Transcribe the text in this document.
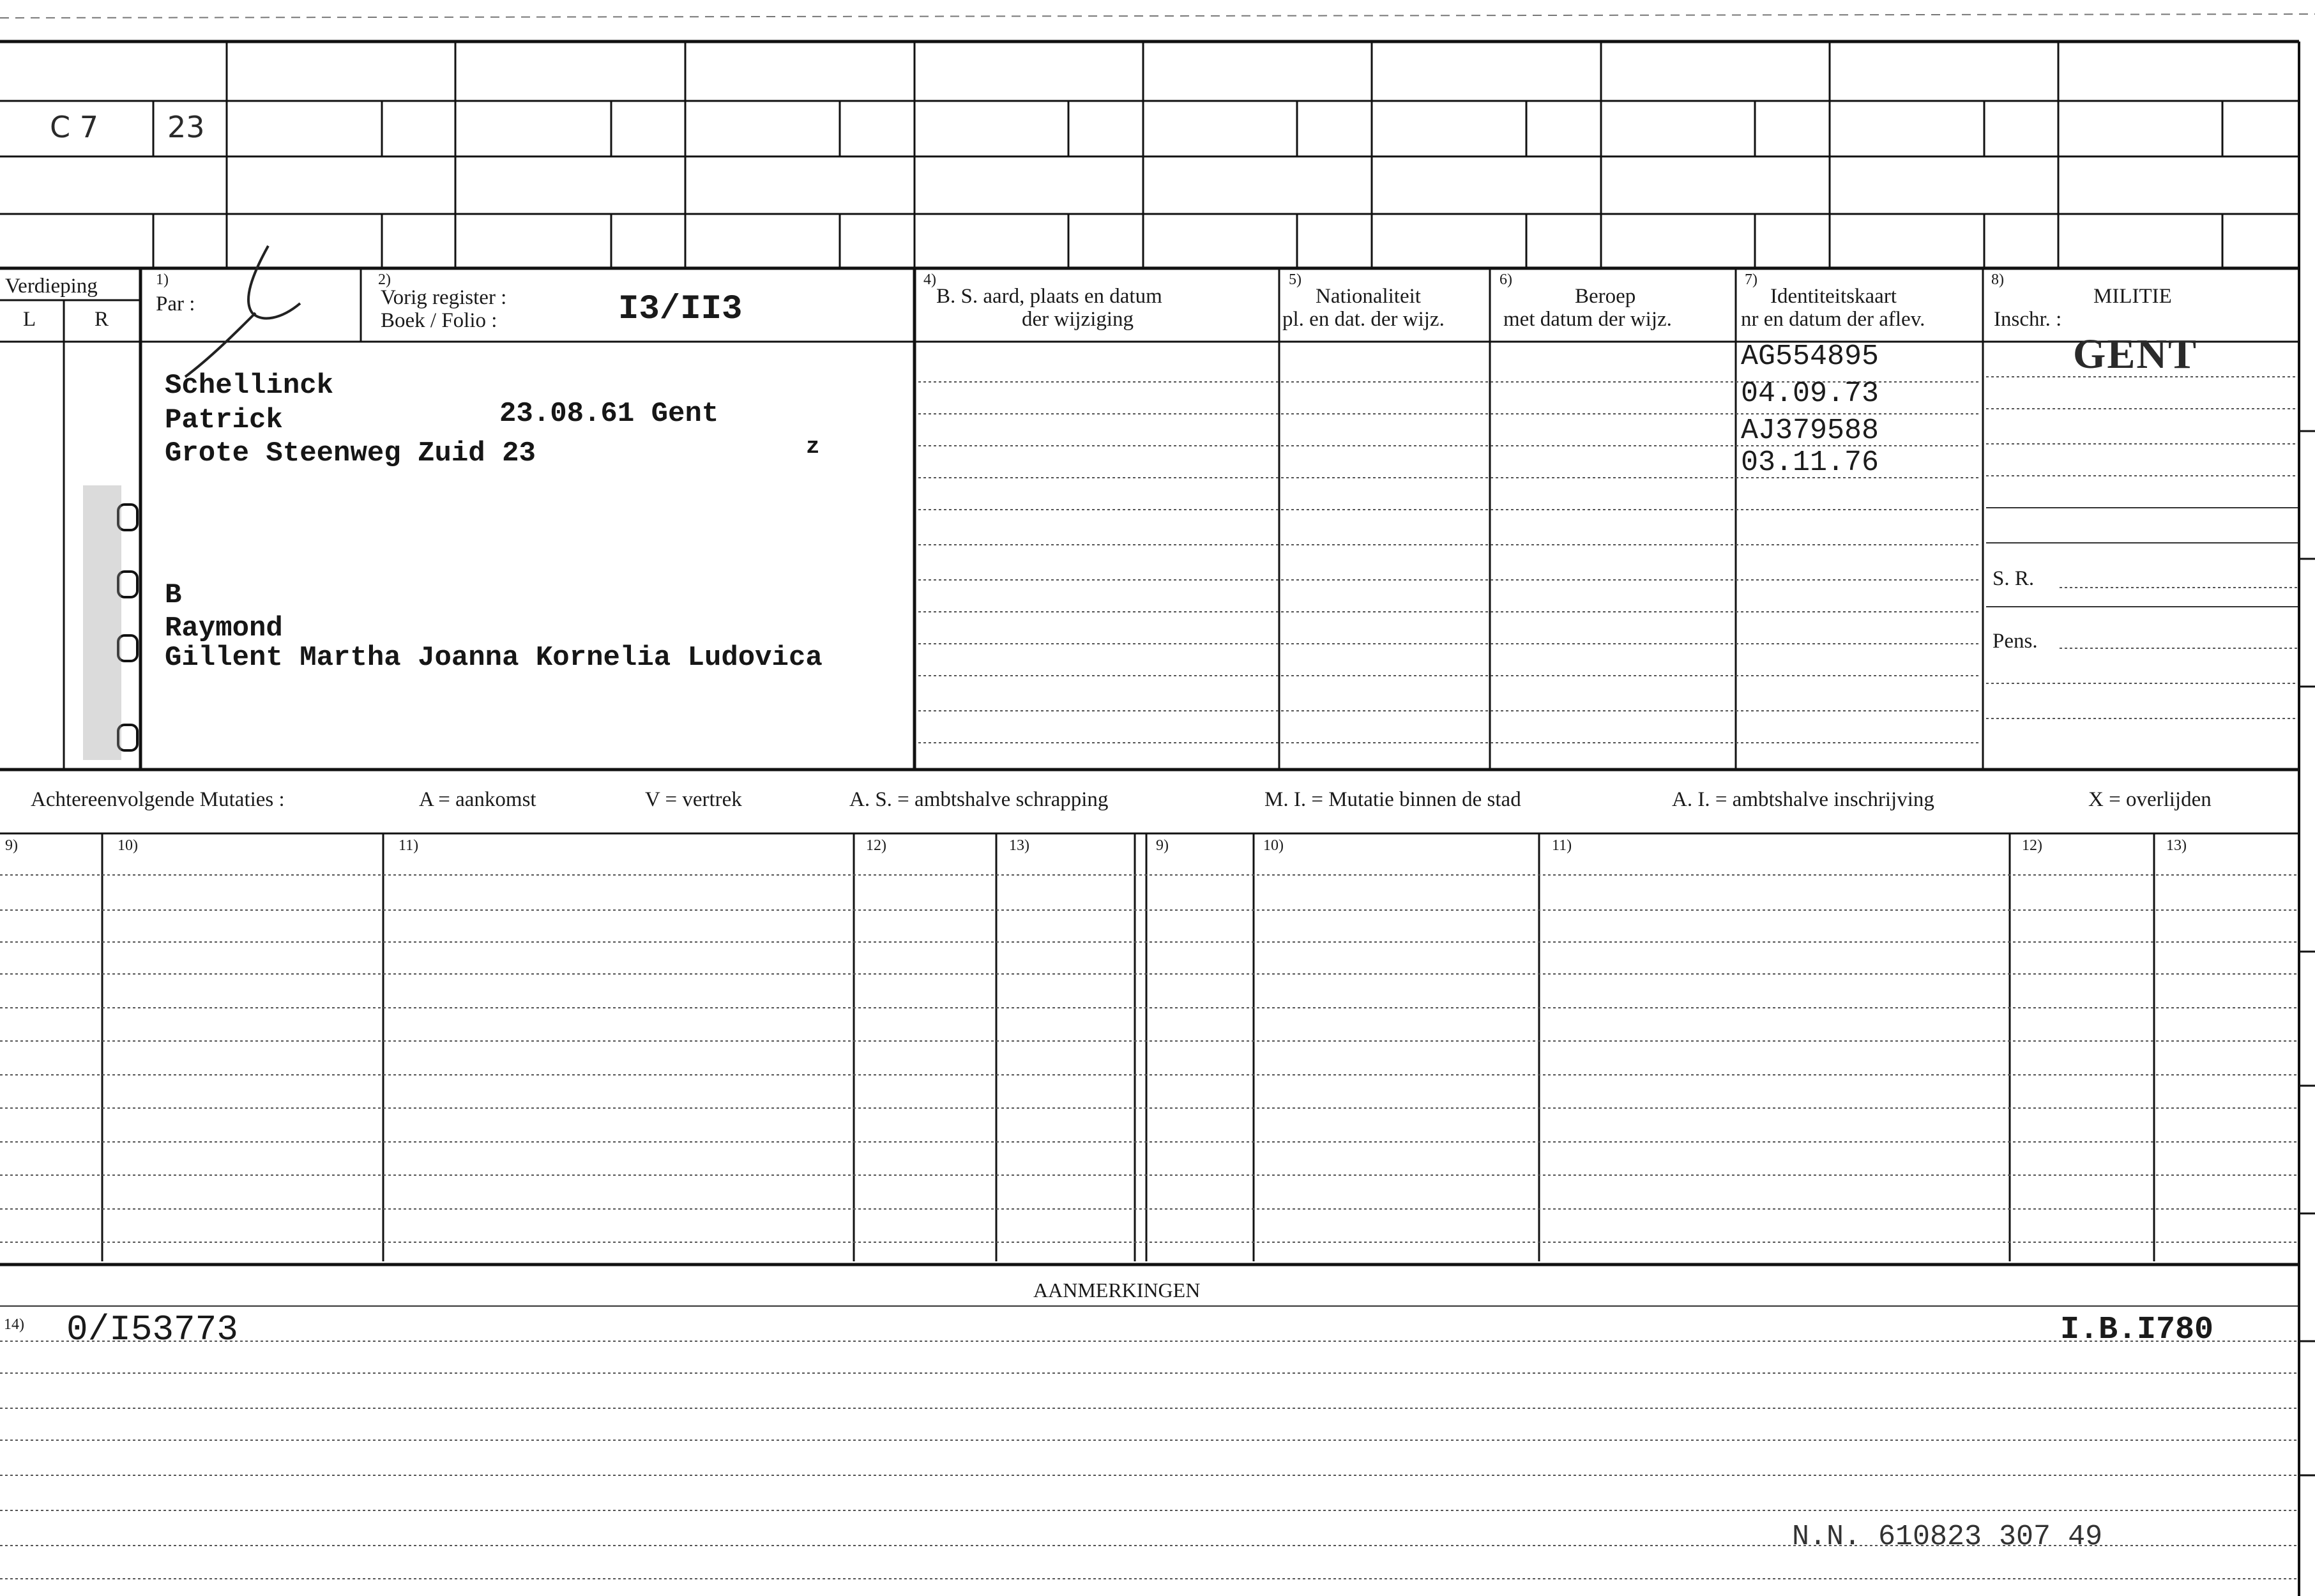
C 7 23
Verdieping
L	R
1)
Par :
2)
Vorig register :
Boek / Folio :	I3/II3
4)
B. S. aard, plaats en datum
der wijziging
5)
Nationaliteit
pl. en dat. der wijz.
6)
Beroep
met datum der wijz.
7)
Identiteitskaart
nr en datum der aflev.
8)
MILITIE
Inschr. :
GENT
S. R.
Pens.
Schellinck
Patrick	23.08.61 Gent
Grote Steenweg Zuid 23	z
B
Raymond
Gillent Martha Joanna Kornelia Ludovica
AG554895
04.09.73
AJ379588
03.11.76
Achtereenvolgende Mutaties :	A = aankomst	V = vertrek	A. S. = ambtshalve schrapping	M. I. = Mutatie binnen de stad	A. I. = ambtshalve inschrijving	X = overlijden
9)	10)	11)	12)	13)	9)	10)	11)	12)	13)
AANMERKINGEN
14) 0/I53773	I.B.I780
N.N. 610823 307 49
